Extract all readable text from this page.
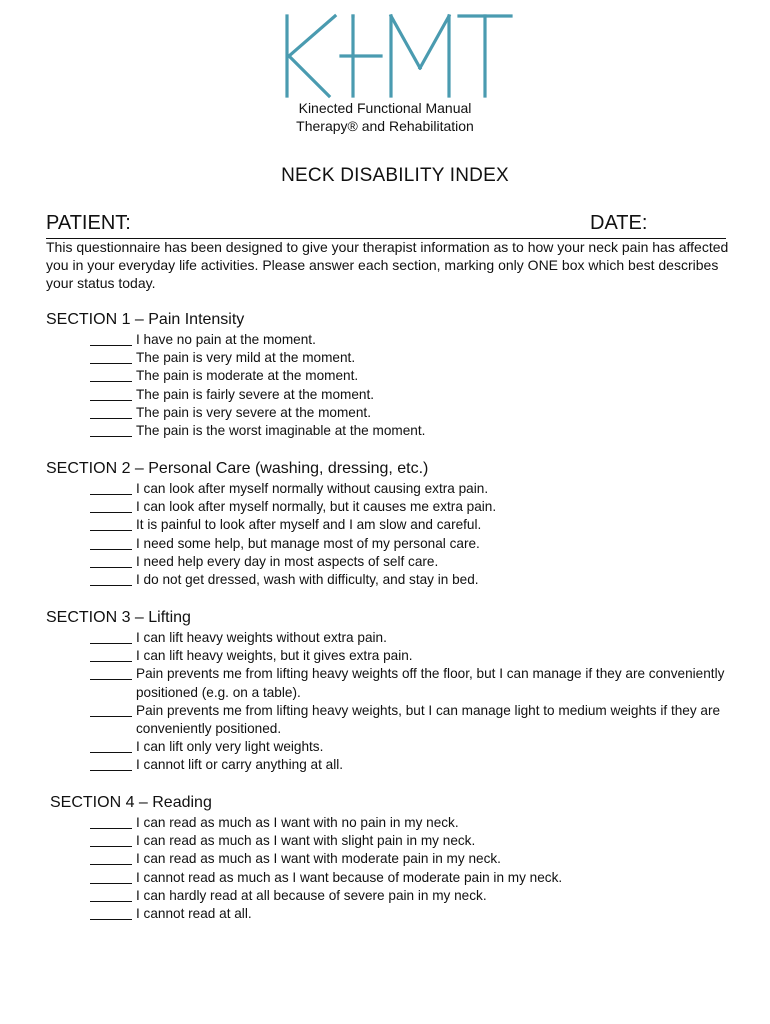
Kinected Functional Manual
Therapy® and Rehabilitation
NECK DISABILITY INDEX
PATIENT:	DATE:
This questionnaire has been designed to give your therapist information as to how your neck pain has affected you in your everyday life activities. Please answer each section, marking only ONE box which best describes your status today.
SECTION 1 – Pain Intensity
I have no pain at the moment.
The pain is very mild at the moment.
The pain is moderate at the moment.
The pain is fairly severe at the moment.
The pain is very severe at the moment.
The pain is the worst imaginable at the moment.
SECTION 2 – Personal Care (washing, dressing, etc.)
I can look after myself normally without causing extra pain.
I can look after myself normally, but it causes me extra pain.
It is painful to look after myself and I am slow and careful.
I need some help, but manage most of my personal care.
I need help every day in most aspects of self care.
I do not get dressed, wash with difficulty, and stay in bed.
SECTION 3 – Lifting
I can lift heavy weights without extra pain.
I can lift heavy weights, but it gives extra pain.
Pain prevents me from lifting heavy weights off the floor, but I can manage if they are conveniently positioned (e.g. on a table).
Pain prevents me from lifting heavy weights, but I can manage light to medium weights if they are conveniently positioned.
I can lift only very light weights.
I cannot lift or carry anything at all.
SECTION 4 – Reading
I can read as much as I want with no pain in my neck.
I can read as much as I want with slight pain in my neck.
I can read as much as I want with moderate pain in my neck.
I cannot read as much as I want because of moderate pain in my neck.
I can hardly read at all because of severe pain in my neck.
I cannot read at all.
